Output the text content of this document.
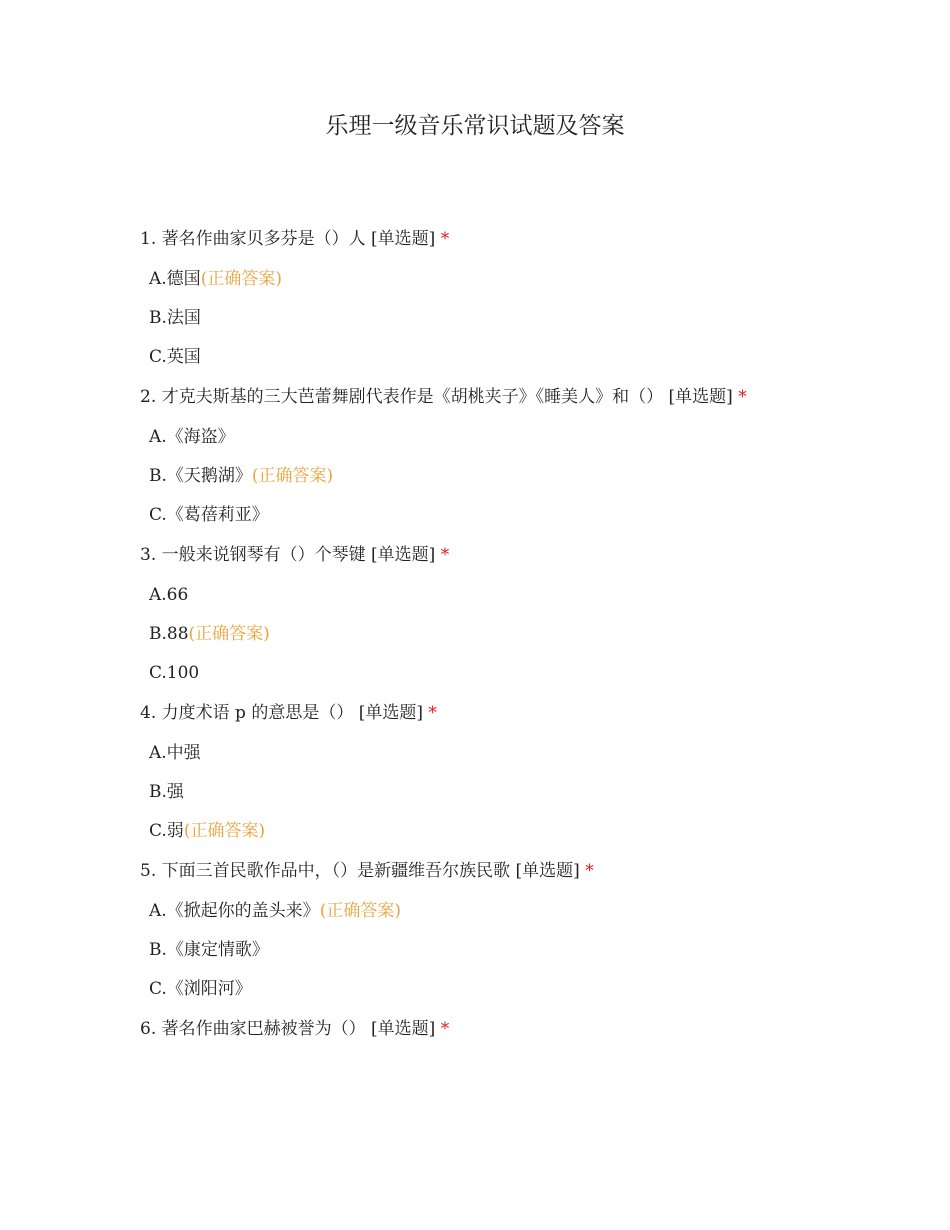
乐理一级音乐常识试题及答案
1. 著名作曲家贝多芬是（）人 [单选题] *
A.德国(正确答案)
B.法国
C.英国
2. 才克夫斯基的三大芭蕾舞剧代表作是《胡桃夹子》《睡美人》和（） [单选题] *
A.《海盗》
B.《天鹅湖》(正确答案)
C.《葛蓓莉亚》
3. 一般来说钢琴有（）个琴键 [单选题] *
A.66
B.88(正确答案)
C.100
4. 力度术语 p 的意思是（） [单选题] *
A.中强
B.强
C.弱(正确答案)
5. 下面三首民歌作品中，（）是新疆维吾尔族民歌 [单选题] *
A.《掀起你的盖头来》(正确答案)
B.《康定情歌》
C.《浏阳河》
6. 著名作曲家巴赫被誉为（） [单选题] *
